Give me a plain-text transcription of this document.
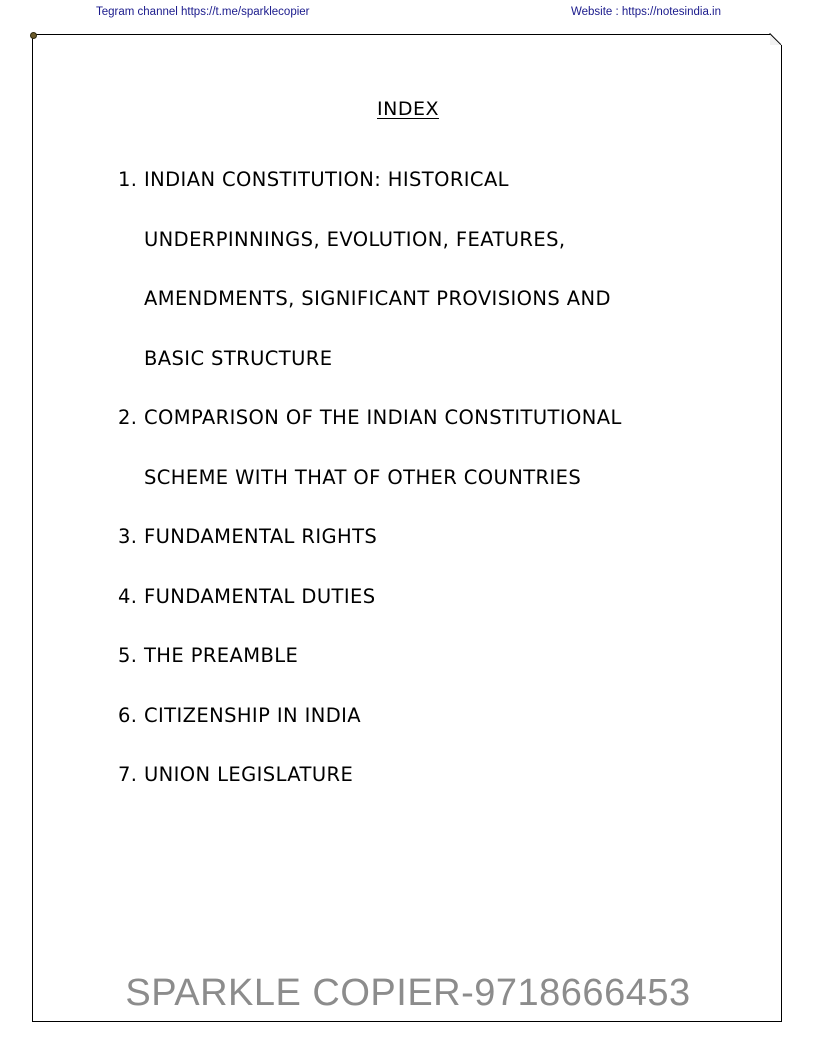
Tegram channel https://t.me/sparklecopier	Website : https://notesindia.in
INDEX
1. INDIAN CONSTITUTION: HISTORICAL
UNDERPINNINGS, EVOLUTION, FEATURES,
AMENDMENTS, SIGNIFICANT PROVISIONS AND
BASIC STRUCTURE
2. COMPARISON OF THE INDIAN CONSTITUTIONAL
SCHEME WITH THAT OF OTHER COUNTRIES
3. FUNDAMENTAL RIGHTS
4. FUNDAMENTAL DUTIES
5. THE PREAMBLE
6. CITIZENSHIP IN INDIA
7. UNION LEGISLATURE
SPARKLE COPIER-9718666453
